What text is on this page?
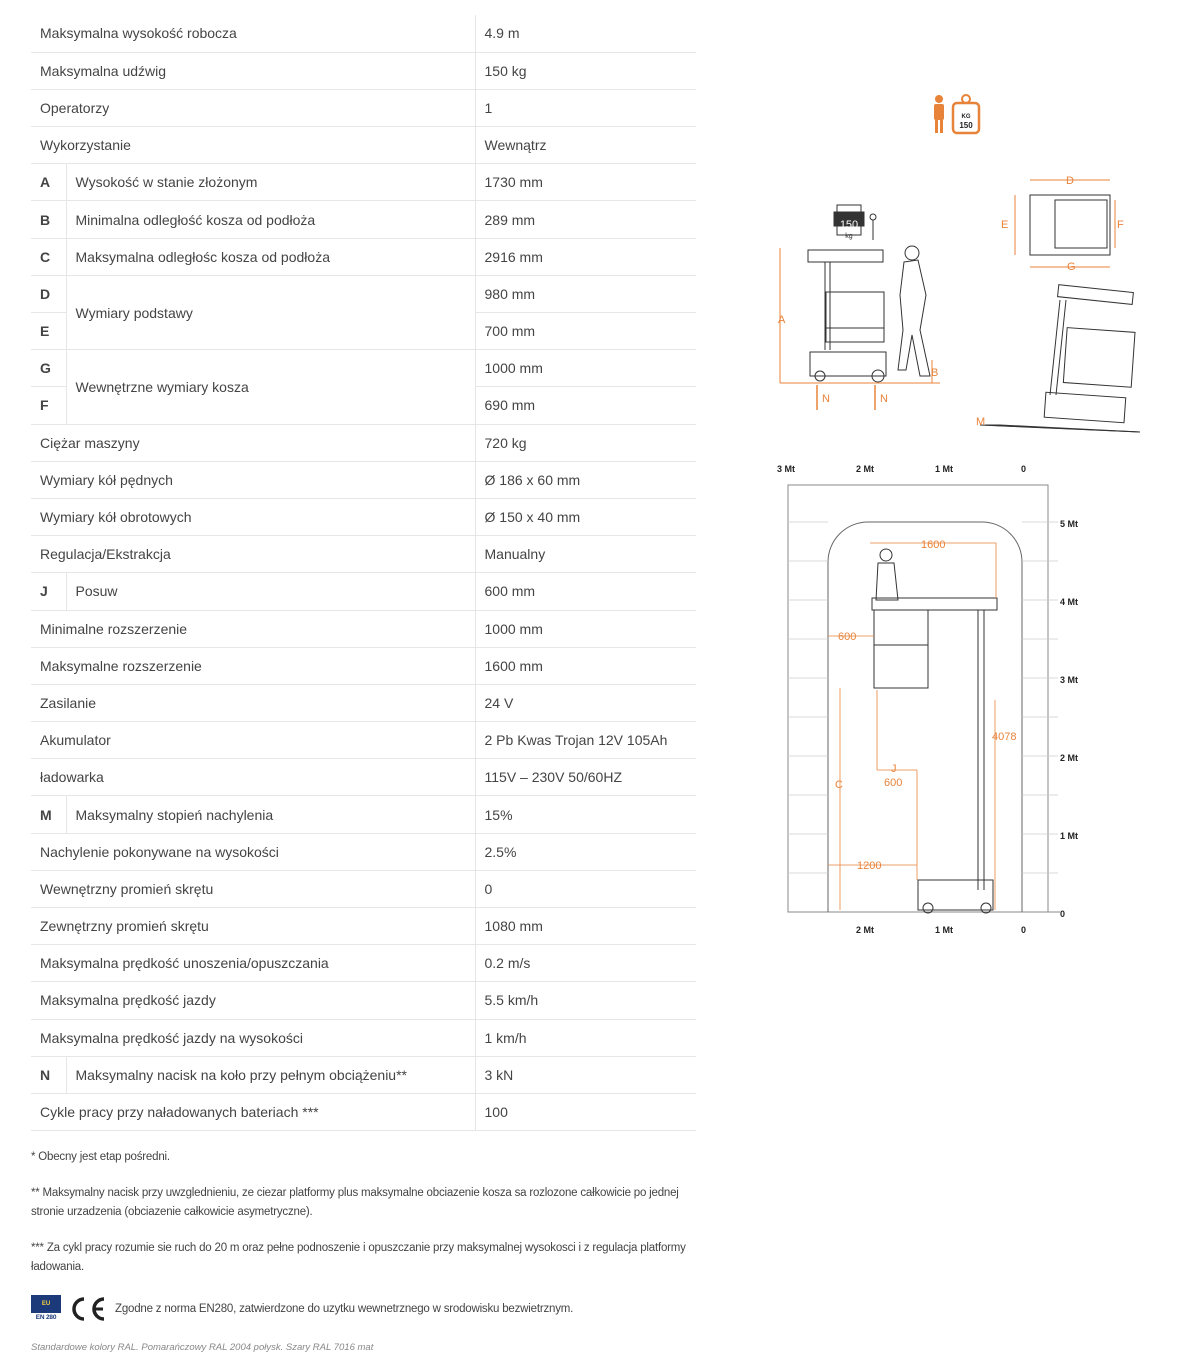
Maksymalna wysokość robocza		4.9 m
Maksymalna udźwig		150 kg
Operatorzy		1
Wykorzystanie		Wewnątrz
A	Wysokość w stanie złożonym	1730 mm
B	Minimalna odległość kosza od podłoża	289 mm
C	Maksymalna odległośc kosza od podłoża	2916 mm
D	Wymiary podstawy	980 mm
E		700 mm
G	Wewnętrzne wymiary kosza	1000 mm
F		690 mm
Ciężar maszyny		720 kg
Wymiary kół pędnych		Ø 186 x 60 mm
Wymiary kół obrotowych		Ø 150 x 40 mm
Regulacja/Ekstrakcja		Manualny
J	Posuw	600 mm
Minimalne rozszerzenie		1000 mm
Maksymalne rozszerzenie		1600 mm
Zasilanie		24 V
Akumulator		2 Pb Kwas Trojan 12V 105Ah
ładowarka		115V – 230V 50/60HZ
M	Maksymalny stopień nachylenia	15%
Nachylenie pokonywane na wysokości		2.5%
Wewnętrzny promień skrętu		0
Zewnętrzny promień skrętu		1080 mm
Maksymalna prędkość unoszenia/opuszczania		0.2 m/s
Maksymalna prędkość jazdy		5.5 km/h
Maksymalna prędkość jazdy na wysokości		1 km/h
N	Maksymalny nacisk na koło przy pełnym obciążeniu**	3 kN
Cykle pracy przy naładowanych bateriach ***		100

* Obecny jest etap pośredni.

** Maksymalny nacisk przy uwzglednieniu, ze ciezar platformy plus maksymalne obciazenie kosza sa rozlozone całkowicie po jednej stronie urzadzenia (obciazenie całkowicie asymetryczne).

*** Za cykl pracy rozumie sie ruch do 20 m oraz pełne podnoszenie i opuszczanie przy maksymalnej wysokosci i z regulacja platformy ładowania.

EU
EN 280
Zgodne z norma EN280, zatwierdzone do uzytku wewnetrznego w srodowisku bezwietrznym.
Standardowe kolory RAL. Pomarańczowy RAL 2004 połysk. Szary RAL 7016 mat
KG
150
150
kg
A
B
N	N
D
E	F
G
M
1600
600
4078
C
J
600
1200
3 Mt	2 Mt	1 Mt	0
2 Mt	1 Mt	0
5 Mt
4 Mt
3 Mt
2 Mt
1 Mt
0
